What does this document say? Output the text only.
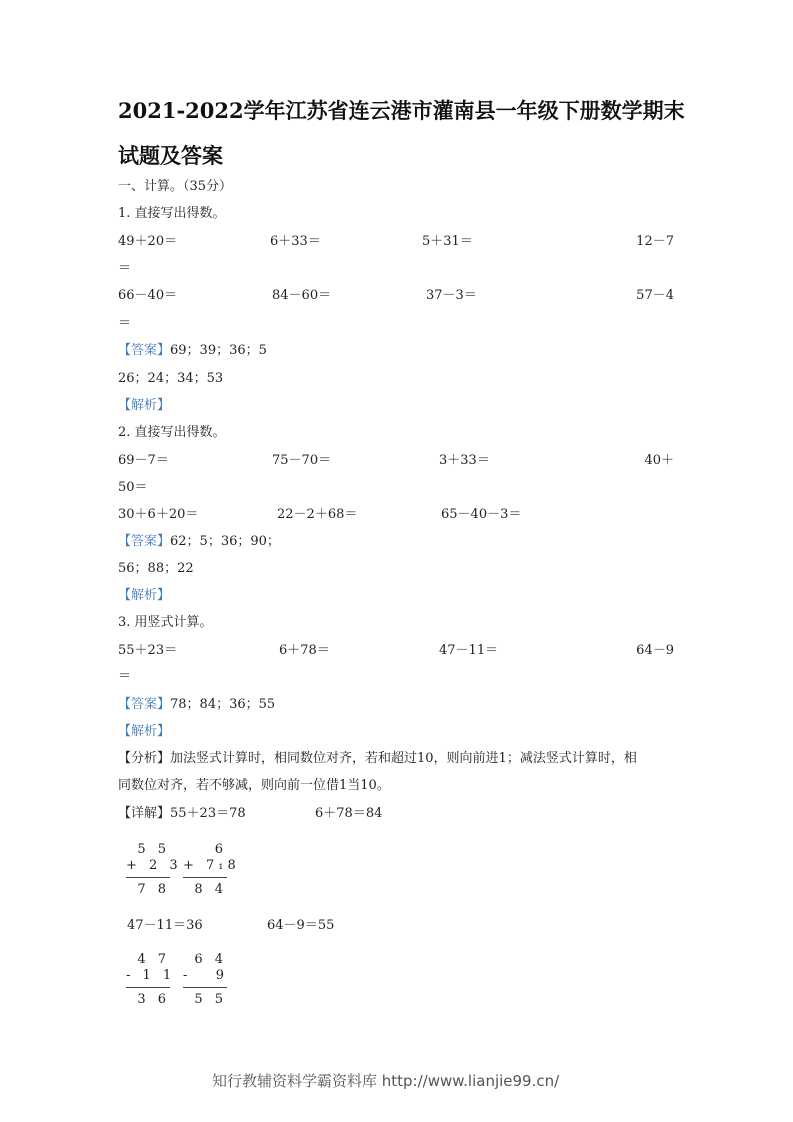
2021-2022学年江苏省连云港市灌南县一年级下册数学期末
试题及答案
一、计算。（35分）
1. 直接写出得数。
49＋20＝	6＋33＝	5＋31＝	12－7
＝
66－40＝	84－60＝	37－3＝	57－4
＝
【答案】69；39；36；5
26；24；34；53
【解析】
2. 直接写出得数。
69－7＝	75－70＝	3＋33＝	40＋
50＝
30＋6＋20＝	22－2＋68＝	65－40－3＝
【答案】62；5；36；90；
56；88；22
【解析】
3. 用竖式计算。
55＋23＝	6＋78＝	47－11＝	64－9
＝
【答案】78；84；36；55
【解析】
【分析】加法竖式计算时，相同数位对齐，若和超过10，则向前进1；减法竖式计算时，相
同数位对齐，若不够减，则向前一位借1当10。
【详解】55＋23＝78	6＋78＝84
5 5
+ 2 3
7 8
6
+ 7₁8
8 4
47－11＝36	64－9＝55
4 7
- 1 1
3 6
6 4
-   9
5 5
知行教辅资料学霸资料库 http://www.lianjie99.cn/
